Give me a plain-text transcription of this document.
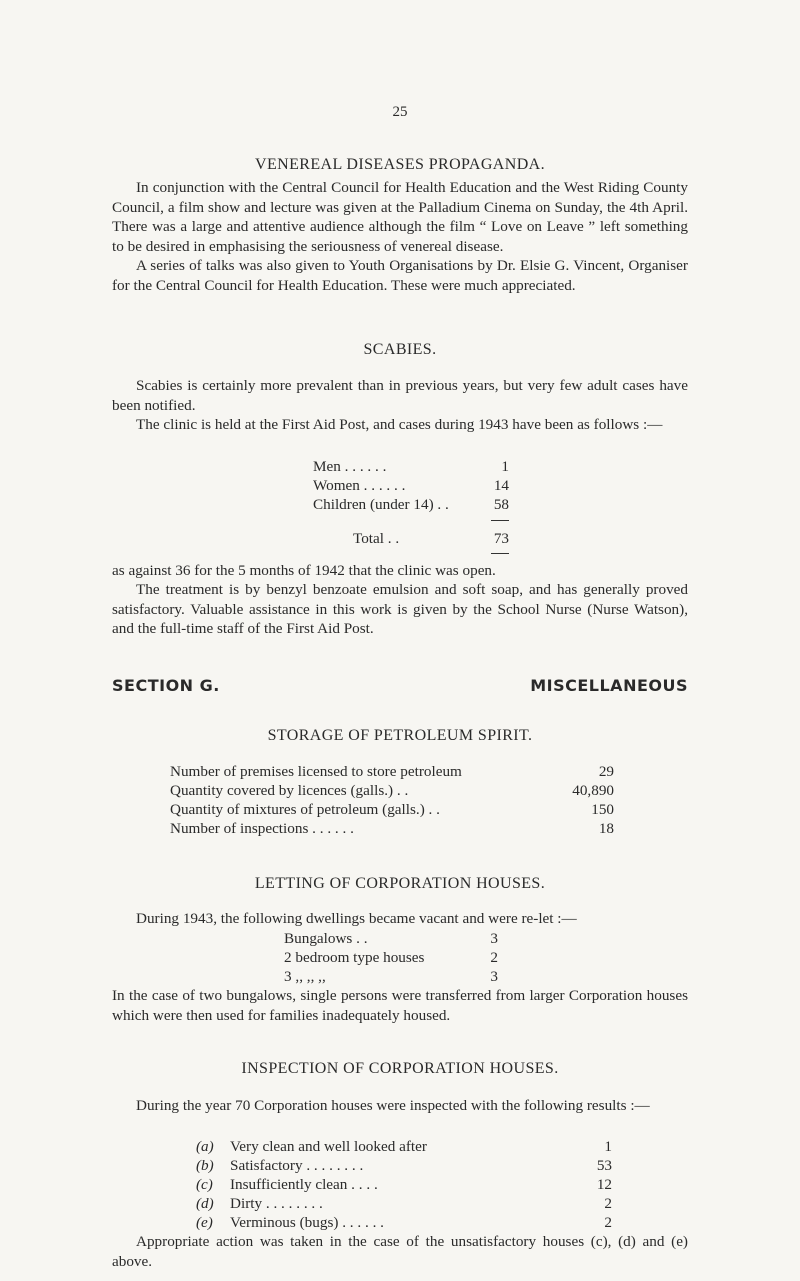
25
VENEREAL DISEASES PROPAGANDA.
In conjunction with the Central Council for Health Education and the West Riding County Council, a film show and lecture was given at the Palladium Cinema on Sunday, the 4th April. There was a large and attentive audience although the film “ Love on Leave ” left something to be desired in emphasising the seriousness of venereal disease.
A series of talks was also given to Youth Organisations by Dr. Elsie G. Vincent, Organiser for the Central Council for Health Education. These were much appreciated.
SCABIES.
Scabies is certainly more prevalent than in previous years, but very few adult cases have been notified.
The clinic is held at the First Aid Post, and cases during 1943 have been as follows :—
Men . . . . . .	1
Women . . . . . .	14
Children (under 14) . .	58
Total . .	73
as against 36 for the 5 months of 1942 that the clinic was open.
The treatment is by benzyl benzoate emulsion and soft soap, and has generally proved satisfactory. Valuable assistance in this work is given by the School Nurse (Nurse Watson), and the full-time staff of the First Aid Post.
SECTION G.	MISCELLANEOUS
STORAGE OF PETROLEUM SPIRIT.
Number of premises licensed to store petroleum	29
Quantity covered by licences (galls.) . .	40,890
Quantity of mixtures of petroleum (galls.) . .	150
Number of inspections . . . . . .	18
LETTING OF CORPORATION HOUSES.
During 1943, the following dwellings became vacant and were re-let :—
Bungalows . .	3
2 bedroom type houses	2
3 ,, ,, ,,	3
In the case of two bungalows, single persons were transferred from larger Corporation houses which were then used for families inadequately housed.
INSPECTION OF CORPORATION HOUSES.
During the year 70 Corporation houses were inspected with the following results :—
(a) Very clean and well looked after	1
(b) Satisfactory . . . . . . . .	53
(c) Insufficiently clean . . . .	12
(d) Dirty . . . . . . . .	2
(e) Verminous (bugs) . . . . . .	2
Appropriate action was taken in the case of the unsatisfactory houses (c), (d) and (e) above.
